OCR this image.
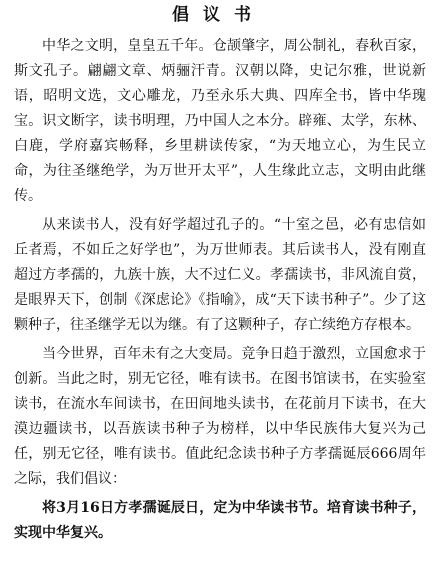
倡议书

中华之文明，皇皇五千年。仓颉肇字，周公制礼，春秋百家，斯文孔子。翩翩文章、炳骊汗青。汉朝以降，史记尔雅，世说新语，昭明文选，文心雕龙，乃至永乐大典、四库全书，皆中华瑰宝。识文断字，读书明理，乃中国人之本分。辟雍、太学，东林、白鹿，学府嘉宾畅释，乡里耕读传家，“为天地立心，为生民立命，为往圣继绝学，为万世开太平”，人生缘此立志，文明由此继传。

从来读书人，没有好学超过孔子的。“十室之邑，必有忠信如丘者焉，不如丘之好学也”，为万世师表。其后读书人，没有刚直超过方孝孺的，九族十族，大不过仁义。孝孺读书，非风流自赏，是眼界天下，创制《深虑论》《指喻》，成“天下读书种子”。少了这颗种子，往圣继学无以为继。有了这颗种子，存亡续绝方存根本。

当今世界，百年未有之大变局。竞争日趋于激烈，立国愈求于创新。当此之时，别无它径，唯有读书。在图书馆读书，在实验室读书，在流水车间读书，在田间地头读书，在花前月下读书，在大漠边疆读书，以吾族读书种子为榜样，以中华民族伟大复兴为己任，别无它径，唯有读书。值此纪念读书种子方孝孺诞辰666周年之际，我们倡议：

将3月16日方孝孺诞辰日，定为中华读书节。培育读书种子，实现中华复兴。
